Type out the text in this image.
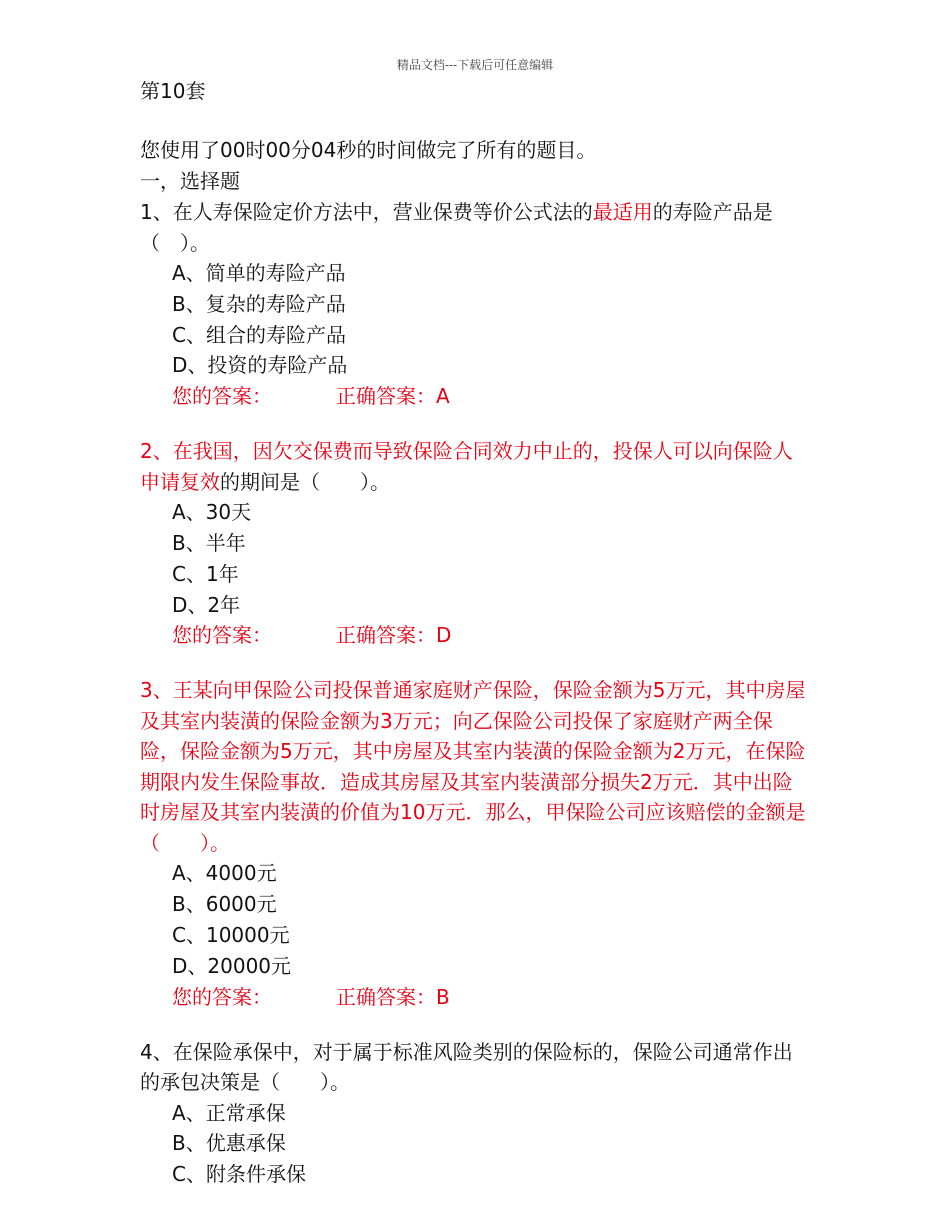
精品文档---下载后可任意编辑
第10套
您使用了00时00分04秒的时间做完了所有的题目。
一，选择题
1、在人寿保险定价方法中，营业保费等价公式法的最适用的寿险产品是（　）。
A、简单的寿险产品
B、复杂的寿险产品
C、组合的寿险产品
D、投资的寿险产品
您的答案：	正确答案：A
2、在我国，因欠交保费而导致保险合同效力中止的，投保人可以向保险人申请复效的期间是（　　）。
A、30天
B、半年
C、1年
D、2年
您的答案：	正确答案：D
3、王某向甲保险公司投保普通家庭财产保险，保险金额为5万元，其中房屋及其室内装潢的保险金额为3万元；向乙保险公司投保了家庭财产两全保险，保险金额为5万元，其中房屋及其室内装潢的保险金额为2万元，在保险期限内发生保险事故．造成其房屋及其室内装潢部分损失2万元．其中出险时房屋及其室内装潢的价值为10万元．那么，甲保险公司应该赔偿的金额是（　　）。
A、4000元
B、6000元
C、10000元
D、20000元
您的答案：	正确答案：B
4、在保险承保中，对于属于标准风险类别的保险标的，保险公司通常作出的承包决策是（　　）。
A、正常承保
B、优惠承保
C、附条件承保
